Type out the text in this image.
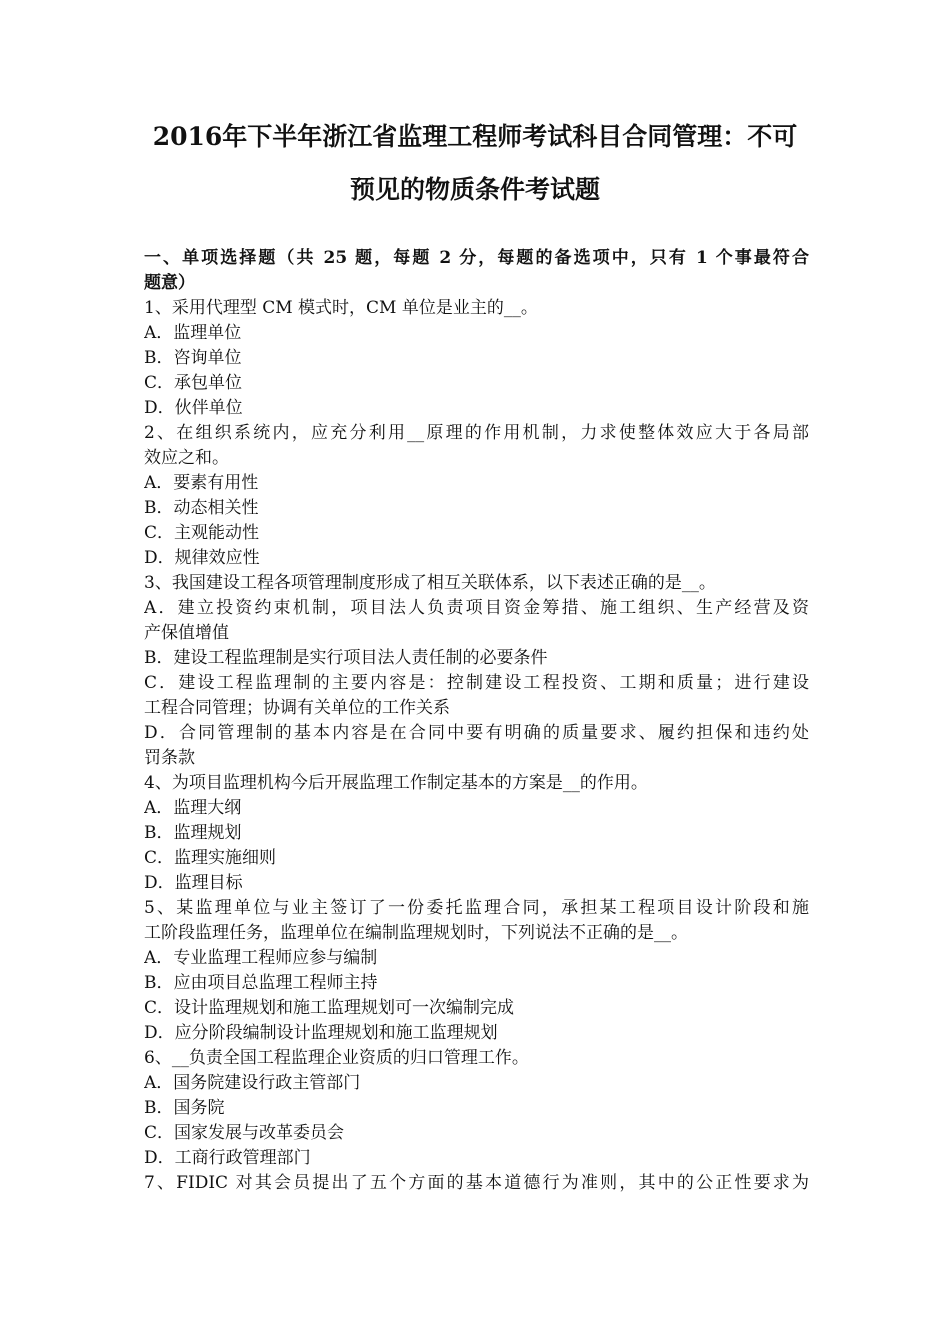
2016年下半年浙江省监理工程师考试科目合同管理：不可
预见的物质条件考试题
一、单项选择题（共 25 题，每题 2 分，每题的备选项中，只有 1 个事最符合
题意）
1、采用代理型 CM 模式时，CM 单位是业主的__。
A．监理单位
B．咨询单位
C．承包单位
D．伙伴单位
2、在组织系统内，应充分利用__原理的作用机制，力求使整体效应大于各局部
效应之和。
A．要素有用性
B．动态相关性
C．主观能动性
D．规律效应性
3、我国建设工程各项管理制度形成了相互关联体系，以下表述正确的是__。
A．建立投资约束机制，项目法人负责项目资金筹措、施工组织、生产经营及资
产保值增值
B．建设工程监理制是实行项目法人责任制的必要条件
C．建设工程监理制的主要内容是：控制建设工程投资、工期和质量；进行建设
工程合同管理；协调有关单位的工作关系
D．合同管理制的基本内容是在合同中要有明确的质量要求、履约担保和违约处
罚条款
4、为项目监理机构今后开展监理工作制定基本的方案是__的作用。
A．监理大纲
B．监理规划
C．监理实施细则
D．监理目标
5、某监理单位与业主签订了一份委托监理合同，承担某工程项目设计阶段和施
工阶段监理任务，监理单位在编制监理规划时，下列说法不正确的是__。
A．专业监理工程师应参与编制
B．应由项目总监理工程师主持
C．设计监理规划和施工监理规划可一次编制完成
D．应分阶段编制设计监理规划和施工监理规划
6、__负责全国工程监理企业资质的归口管理工作。
A．国务院建设行政主管部门
B．国务院
C．国家发展与改革委员会
D．工商行政管理部门
7、FIDIC 对其会员提出了五个方面的基本道德行为准则，其中的公正性要求为
